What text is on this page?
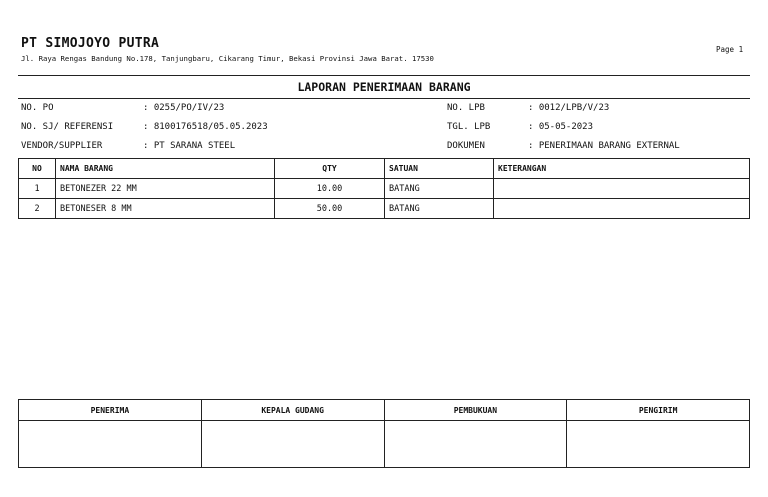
PT SIMOJOYO PUTRA
Jl. Raya Rengas Bandung No.178, Tanjungbaru, Cikarang Timur, Bekasi Provinsi Jawa Barat. 17530
Page 1
LAPORAN PENERIMAAN BARANG
NO. PO	: 0255/PO/IV/23
NO. SJ/ REFERENSI	: 8100176518/05.05.2023
VENDOR/SUPPLIER	: PT SARANA STEEL
NO. LPB	: 0012/LPB/V/23
TGL. LPB	: 05-05-2023
DOKUMEN	: PENERIMAAN BARANG EXTERNAL
NO	NAMA BARANG	QTY	SATUAN	KETERANGAN
1	BETONEZER 22 MM	10.00	BATANG	
2	BETONESER 8 MM	50.00	BATANG	
PENERIMA	KEPALA GUDANG	PEMBUKUAN	PENGIRIM
